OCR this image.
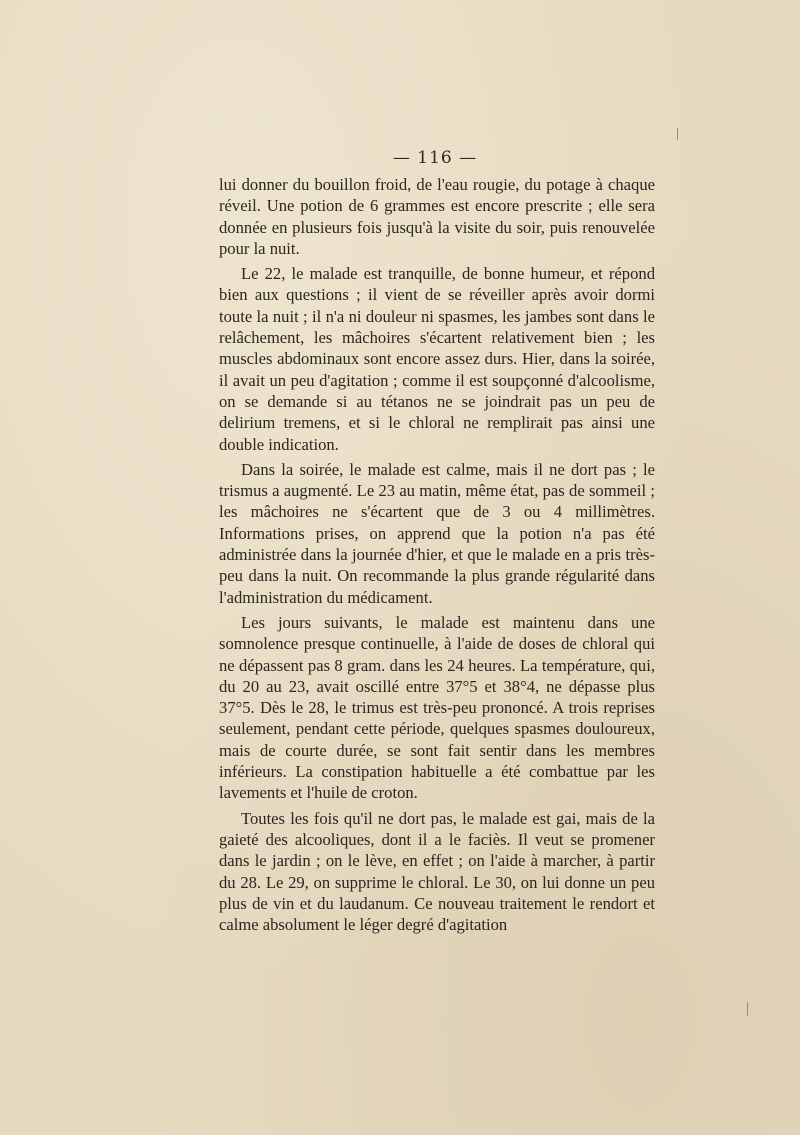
— 116 —

lui donner du bouillon froid, de l'eau rougie, du potage à chaque réveil. Une potion de 6 grammes est encore prescrite ; elle sera donnée en plusieurs fois jusqu'à la visite du soir, puis renouvelée pour la nuit.

Le 22, le malade est tranquille, de bonne humeur, et répond bien aux questions ; il vient de se réveiller après avoir dormi toute la nuit ; il n'a ni douleur ni spasmes, les jambes sont dans le relâchement, les mâchoires s'écartent relativement bien ; les muscles abdominaux sont encore assez durs. Hier, dans la soirée, il avait un peu d'agitation ; comme il est soupçonné d'alcoolisme, on se demande si au tétanos ne se joindrait pas un peu de delirium tremens, et si le chloral ne remplirait pas ainsi une double indication.

Dans la soirée, le malade est calme, mais il ne dort pas ; le trismus a augmenté. Le 23 au matin, même état, pas de sommeil ; les mâchoires ne s'écartent que de 3 ou 4 millimètres. Informations prises, on apprend que la potion n'a pas été administrée dans la journée d'hier, et que le malade en a pris très-peu dans la nuit. On recommande la plus grande régularité dans l'administration du médicament.

Les jours suivants, le malade est maintenu dans une somnolence presque continuelle, à l'aide de doses de chloral qui ne dépassent pas 8 gram. dans les 24 heures. La température, qui, du 20 au 23, avait oscillé entre 37°5 et 38°4, ne dépasse plus 37°5. Dès le 28, le trimus est très-peu prononcé. A trois reprises seulement, pendant cette période, quelques spasmes douloureux, mais de courte durée, se sont fait sentir dans les membres inférieurs. La constipation habituelle a été combattue par les lavements et l'huile de croton.

Toutes les fois qu'il ne dort pas, le malade est gai, mais de la gaieté des alcooliques, dont il a le faciès. Il veut se promener dans le jardin ; on le lève, en effet ; on l'aide à marcher, à partir du 28. Le 29, on supprime le chloral. Le 30, on lui donne un peu plus de vin et du laudanum. Ce nouveau traitement le rendort et calme absolument le léger degré d'agitation
